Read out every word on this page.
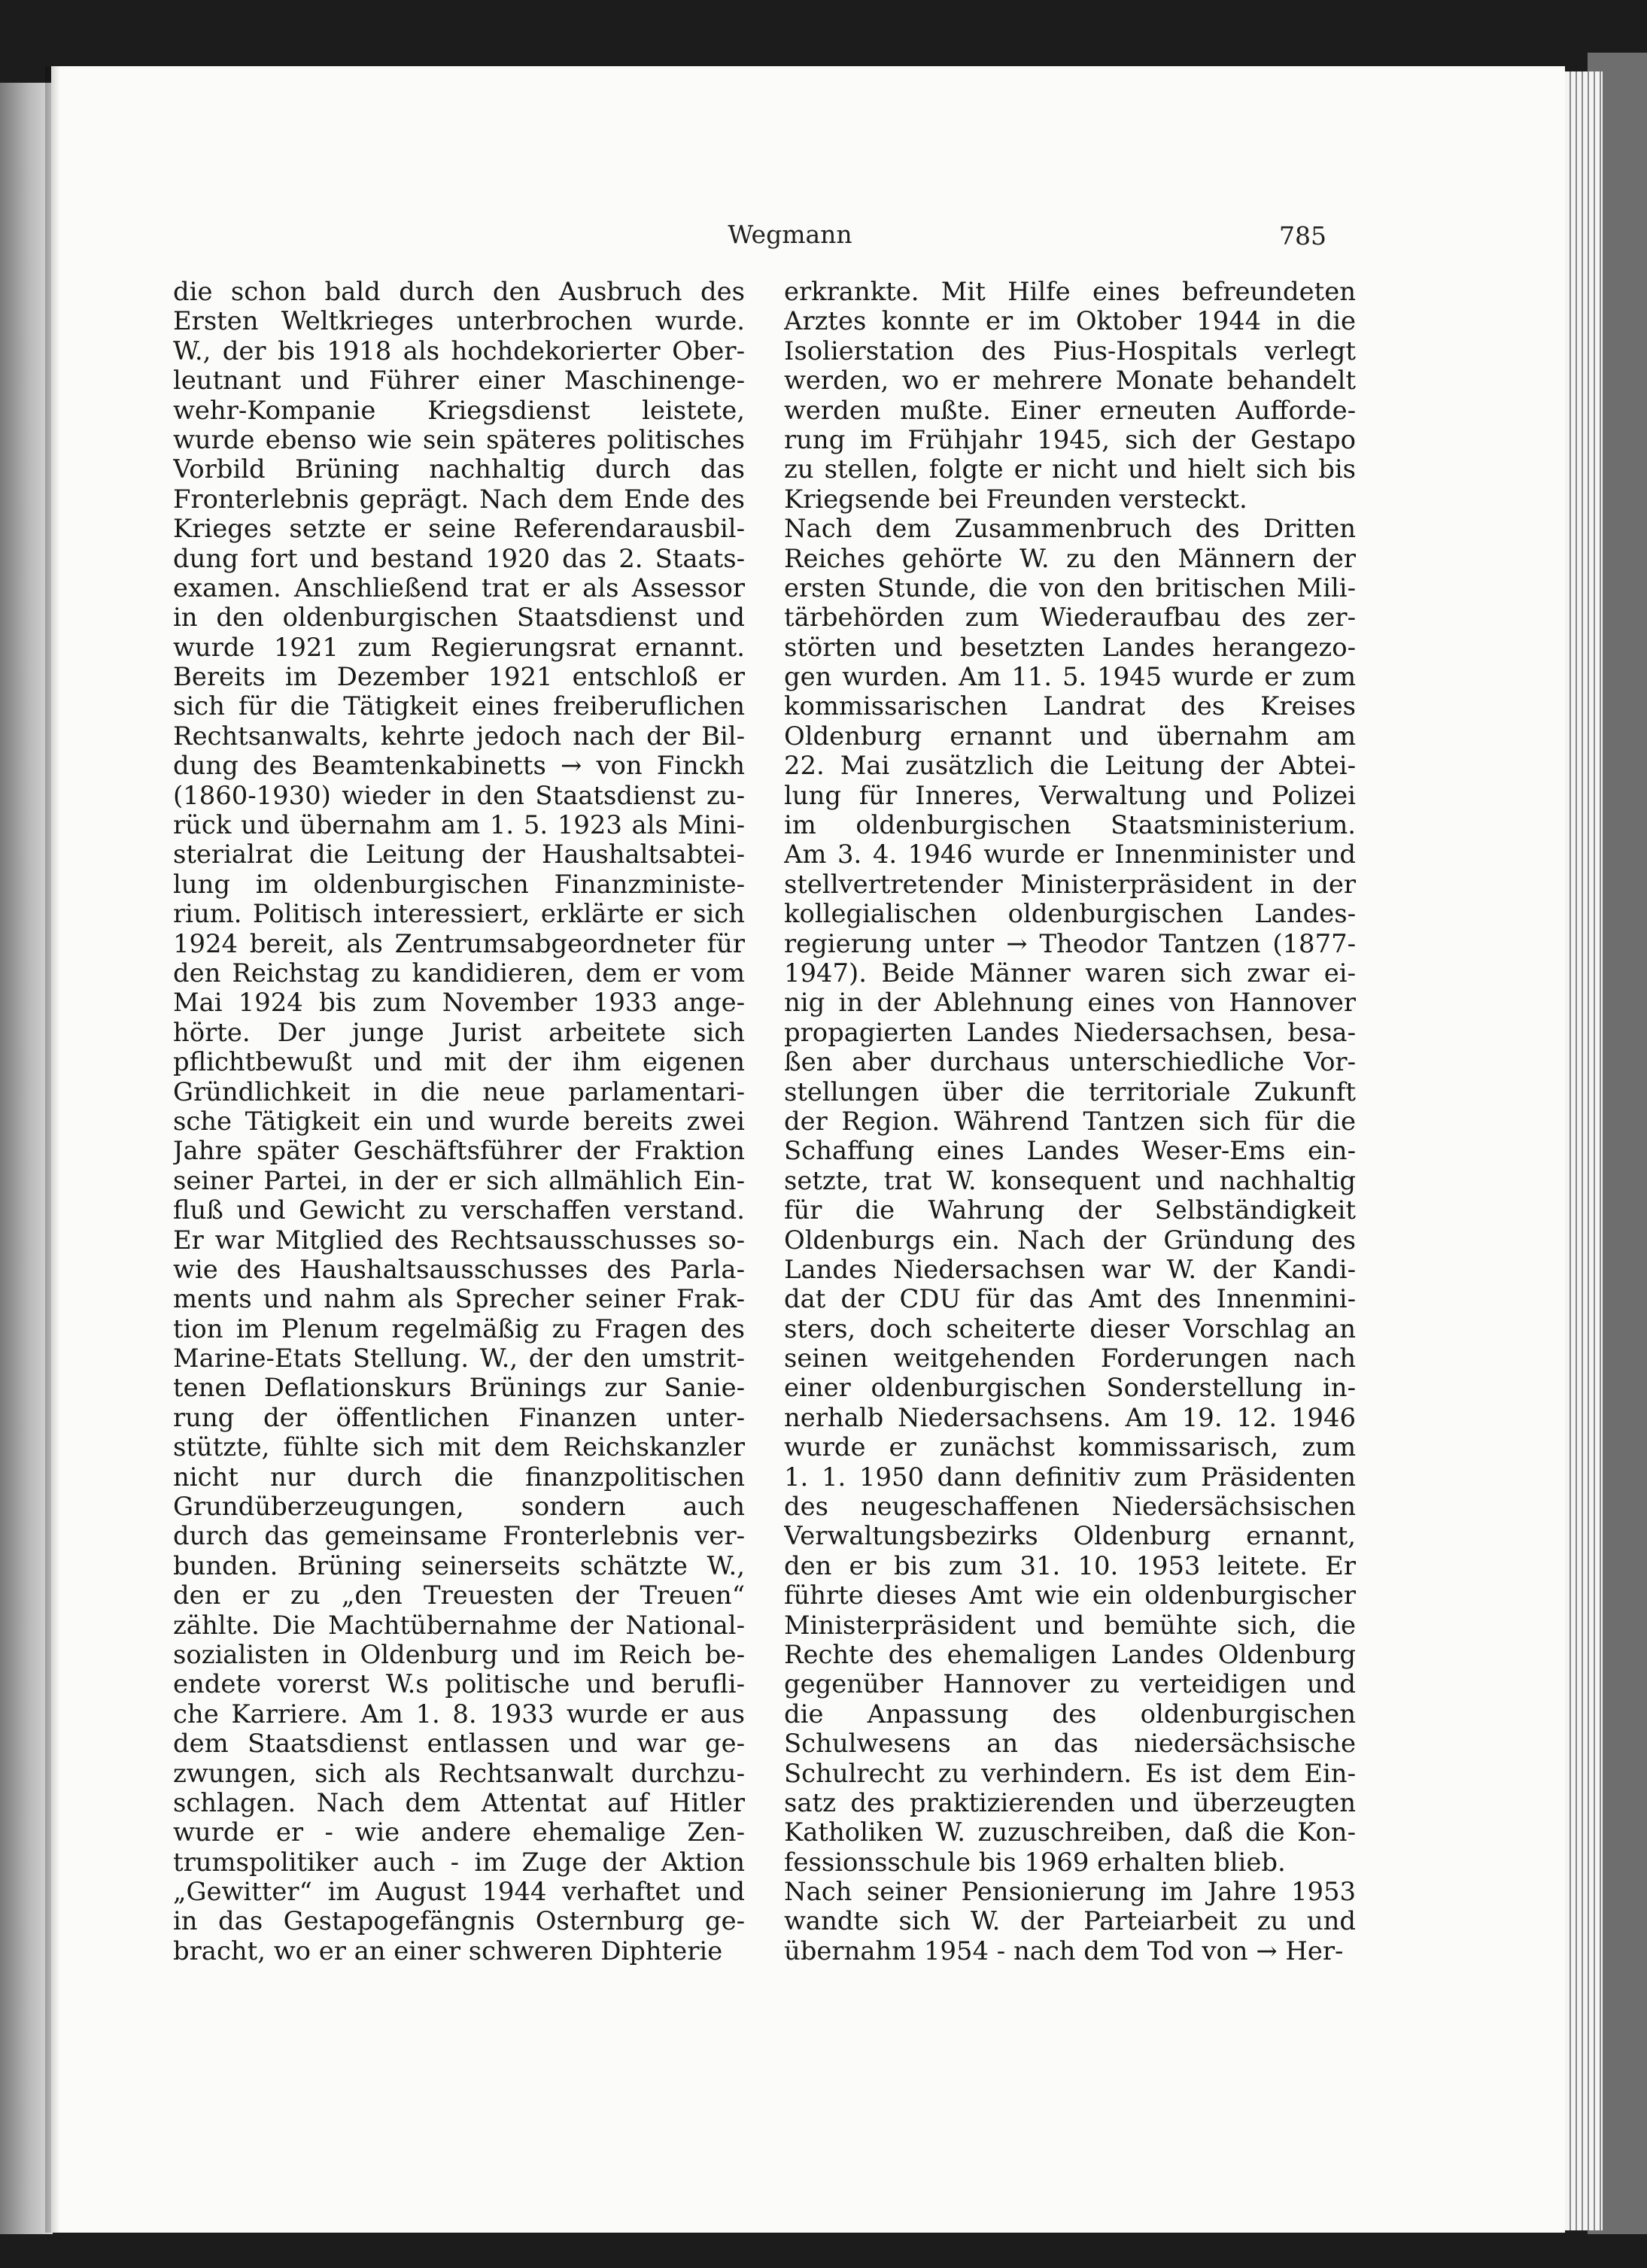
Wegmann	785
die schon bald durch den Ausbruch des
Ersten Weltkrieges unterbrochen wurde.
W., der bis 1918 als hochdekorierter Ober-
leutnant und Führer einer Maschinenge-
wehr-Kompanie Kriegsdienst leistete,
wurde ebenso wie sein späteres politisches
Vorbild Brüning nachhaltig durch das
Fronterlebnis geprägt. Nach dem Ende des
Krieges setzte er seine Referendarausbil-
dung fort und bestand 1920 das 2. Staats-
examen. Anschließend trat er als Assessor
in den oldenburgischen Staatsdienst und
wurde 1921 zum Regierungsrat ernannt.
Bereits im Dezember 1921 entschloß er
sich für die Tätigkeit eines freiberuflichen
Rechtsanwalts, kehrte jedoch nach der Bil-
dung des Beamtenkabinetts → von Finckh
(1860-1930) wieder in den Staatsdienst zu-
rück und übernahm am 1. 5. 1923 als Mini-
sterialrat die Leitung der Haushaltsabtei-
lung im oldenburgischen Finanzministe-
rium. Politisch interessiert, erklärte er sich
1924 bereit, als Zentrumsabgeordneter für
den Reichstag zu kandidieren, dem er vom
Mai 1924 bis zum November 1933 ange-
hörte. Der junge Jurist arbeitete sich
pflichtbewußt und mit der ihm eigenen
Gründlichkeit in die neue parlamentari-
sche Tätigkeit ein und wurde bereits zwei
Jahre später Geschäftsführer der Fraktion
seiner Partei, in der er sich allmählich Ein-
fluß und Gewicht zu verschaffen verstand.
Er war Mitglied des Rechtsausschusses so-
wie des Haushaltsausschusses des Parla-
ments und nahm als Sprecher seiner Frak-
tion im Plenum regelmäßig zu Fragen des
Marine-Etats Stellung. W., der den umstrit-
tenen Deflationskurs Brünings zur Sanie-
rung der öffentlichen Finanzen unter-
stützte, fühlte sich mit dem Reichskanzler
nicht nur durch die finanzpolitischen
Grundüberzeugungen, sondern auch
durch das gemeinsame Fronterlebnis ver-
bunden. Brüning seinerseits schätzte W.,
den er zu „den Treuesten der Treuen“
zählte. Die Machtübernahme der National-
sozialisten in Oldenburg und im Reich be-
endete vorerst W.s politische und berufli-
che Karriere. Am 1. 8. 1933 wurde er aus
dem Staatsdienst entlassen und war ge-
zwungen, sich als Rechtsanwalt durchzu-
schlagen. Nach dem Attentat auf Hitler
wurde er - wie andere ehemalige Zen-
trumspolitiker auch - im Zuge der Aktion
„Gewitter“ im August 1944 verhaftet und
in das Gestapogefängnis Osternburg ge-
bracht, wo er an einer schweren Diphterie
erkrankte. Mit Hilfe eines befreundeten
Arztes konnte er im Oktober 1944 in die
Isolierstation des Pius-Hospitals verlegt
werden, wo er mehrere Monate behandelt
werden mußte. Einer erneuten Aufforde-
rung im Frühjahr 1945, sich der Gestapo
zu stellen, folgte er nicht und hielt sich bis
Kriegsende bei Freunden versteckt.
Nach dem Zusammenbruch des Dritten
Reiches gehörte W. zu den Männern der
ersten Stunde, die von den britischen Mili-
tärbehörden zum Wiederaufbau des zer-
störten und besetzten Landes herangezo-
gen wurden. Am 11. 5. 1945 wurde er zum
kommissarischen Landrat des Kreises
Oldenburg ernannt und übernahm am
22. Mai zusätzlich die Leitung der Abtei-
lung für Inneres, Verwaltung und Polizei
im oldenburgischen Staatsministerium.
Am 3. 4. 1946 wurde er Innenminister und
stellvertretender Ministerpräsident in der
kollegialischen oldenburgischen Landes-
regierung unter → Theodor Tantzen (1877-
1947). Beide Männer waren sich zwar ei-
nig in der Ablehnung eines von Hannover
propagierten Landes Niedersachsen, besa-
ßen aber durchaus unterschiedliche Vor-
stellungen über die territoriale Zukunft
der Region. Während Tantzen sich für die
Schaffung eines Landes Weser-Ems ein-
setzte, trat W. konsequent und nachhaltig
für die Wahrung der Selbständigkeit
Oldenburgs ein. Nach der Gründung des
Landes Niedersachsen war W. der Kandi-
dat der CDU für das Amt des Innenmini-
sters, doch scheiterte dieser Vorschlag an
seinen weitgehenden Forderungen nach
einer oldenburgischen Sonderstellung in-
nerhalb Niedersachsens. Am 19. 12. 1946
wurde er zunächst kommissarisch, zum
1. 1. 1950 dann definitiv zum Präsidenten
des neugeschaffenen Niedersächsischen
Verwaltungsbezirks Oldenburg ernannt,
den er bis zum 31. 10. 1953 leitete. Er
führte dieses Amt wie ein oldenburgischer
Ministerpräsident und bemühte sich, die
Rechte des ehemaligen Landes Oldenburg
gegenüber Hannover zu verteidigen und
die Anpassung des oldenburgischen
Schulwesens an das niedersächsische
Schulrecht zu verhindern. Es ist dem Ein-
satz des praktizierenden und überzeugten
Katholiken W. zuzuschreiben, daß die Kon-
fessionsschule bis 1969 erhalten blieb.
Nach seiner Pensionierung im Jahre 1953
wandte sich W. der Parteiarbeit zu und
übernahm 1954 - nach dem Tod von → Her-
